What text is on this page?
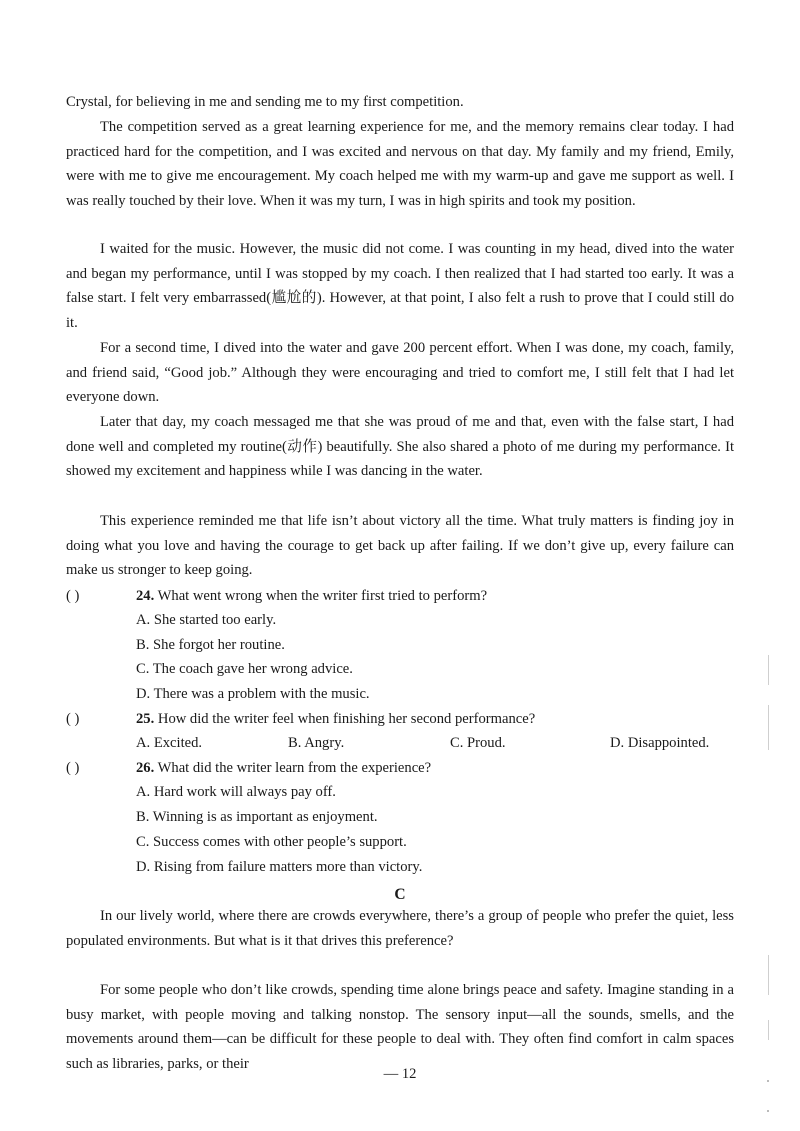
Crystal, for believing in me and sending me to my first competition.

The competition served as a great learning experience for me, and the memory remains clear today. I had practiced hard for the competition, and I was excited and nervous on that day. My family and my friend, Emily, were with me to give me encouragement. My coach helped me with my warm-up and gave me support as well. I was really touched by their love. When it was my turn, I was in high spirits and took my position.

I waited for the music. However, the music did not come. I was counting in my head, dived into the water and began my performance, until I was stopped by my coach. I then realized that I had started too early. It was a false start. I felt very embarrassed(尴尬的). However, at that point, I also felt a rush to prove that I could still do it.

For a second time, I dived into the water and gave 200 percent effort. When I was done, my coach, family, and friend said, “Good job.” Although they were encouraging and tried to comfort me, I still felt that I had let everyone down.

Later that day, my coach messaged me that she was proud of me and that, even with the false start, I had done well and completed my routine(动作) beautifully. She also shared a photo of me during my performance. It showed my excitement and happiness while I was dancing in the water.

This experience reminded me that life isn’t about victory all the time. What truly matters is finding joy in doing what you love and having the courage to get back up after failing. If we don’t give up, every failure can make us stronger to keep going.

( )	24. What went wrong when the writer first tried to perform?

A. She started too early.

B. She forgot her routine.

C. The coach gave her wrong advice.

D. There was a problem with the music.

( )	25. How did the writer feel when finishing her second performance?

A. Excited.	B. Angry.	C. Proud.	D. Disappointed.

( )	26. What did the writer learn from the experience?

A. Hard work will always pay off.

B. Winning is as important as enjoyment.

C. Success comes with other people’s support.

D. Rising from failure matters more than victory.

C

In our lively world, where there are crowds everywhere, there’s a group of people who prefer the quiet, less populated environments. But what is it that drives this preference?

For some people who don’t like crowds, spending time alone brings peace and safety. Imagine standing in a busy market, with people moving and talking nonstop. The sensory input—all the sounds, smells, and the movements around them—can be difficult for these people to deal with. They often find comfort in calm spaces such as libraries, parks, or their

— 12
